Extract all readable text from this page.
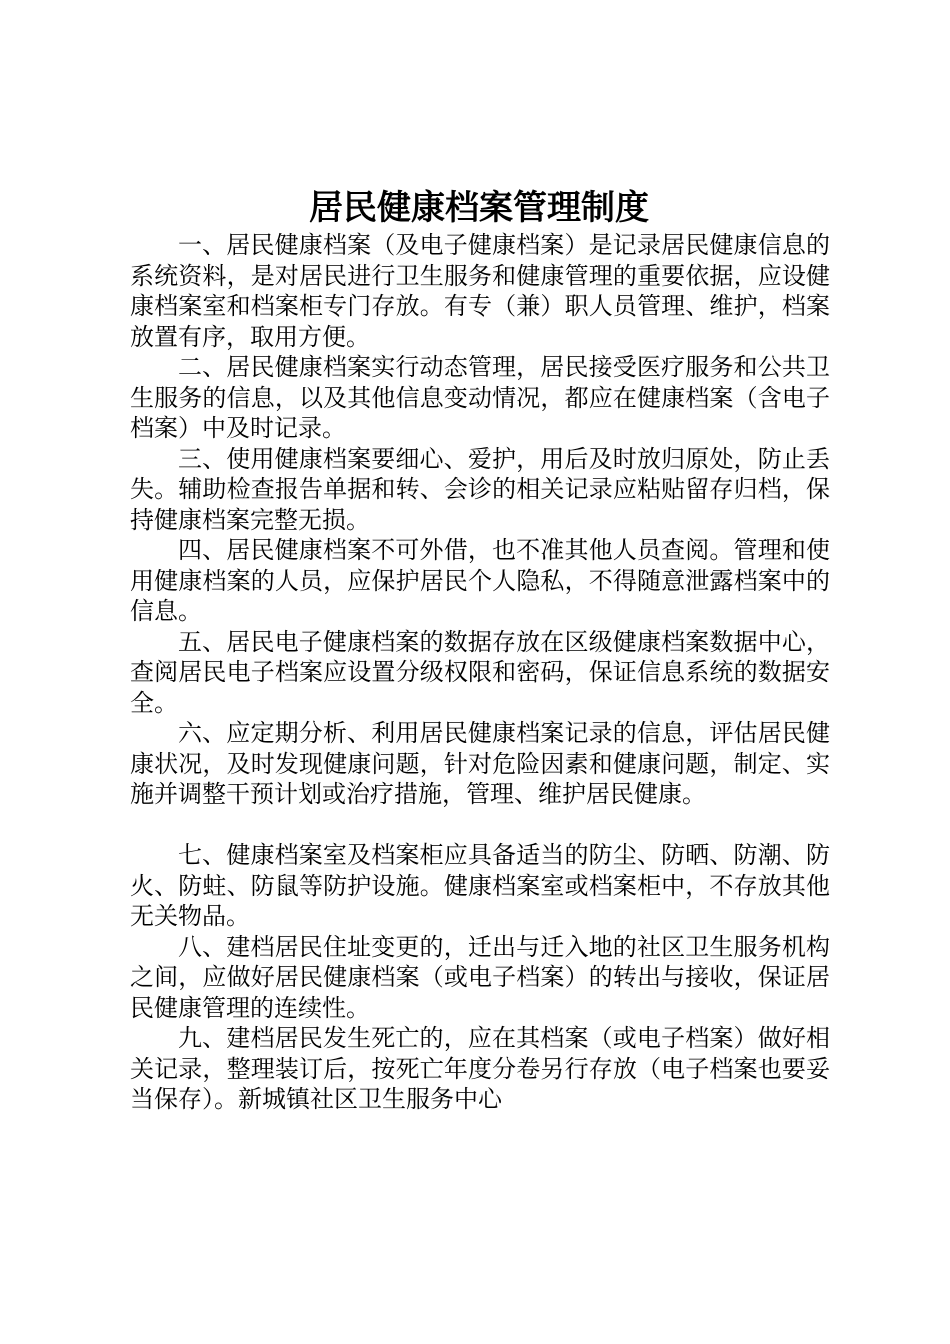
居民健康档案管理制度

一、居民健康档案（及电子健康档案）是记录居民健康信息的系统资料，是对居民进行卫生服务和健康管理的重要依据，应设健康档案室和档案柜专门存放。有专（兼）职人员管理、维护，档案放置有序，取用方便。

二、居民健康档案实行动态管理，居民接受医疗服务和公共卫生服务的信息，以及其他信息变动情况，都应在健康档案（含电子档案）中及时记录。

三、使用健康档案要细心、爱护，用后及时放归原处，防止丢失。辅助检查报告单据和转、会诊的相关记录应粘贴留存归档，保持健康档案完整无损。

四、居民健康档案不可外借，也不准其他人员查阅。管理和使用健康档案的人员，应保护居民个人隐私，不得随意泄露档案中的信息。

五、居民电子健康档案的数据存放在区级健康档案数据中心，查阅居民电子档案应设置分级权限和密码，保证信息系统的数据安全。

六、应定期分析、利用居民健康档案记录的信息，评估居民健康状况，及时发现健康问题，针对危险因素和健康问题，制定、实施并调整干预计划或治疗措施，管理、维护居民健康。

七、健康档案室及档案柜应具备适当的防尘、防晒、防潮、防火、防蛀、防鼠等防护设施。健康档案室或档案柜中，不存放其他无关物品。

八、建档居民住址变更的，迁出与迁入地的社区卫生服务机构之间，应做好居民健康档案（或电子档案）的转出与接收，保证居民健康管理的连续性。

九、建档居民发生死亡的，应在其档案（或电子档案）做好相关记录，整理装订后，按死亡年度分卷另行存放（电子档案也要妥当保存）。新城镇社区卫生服务中心
